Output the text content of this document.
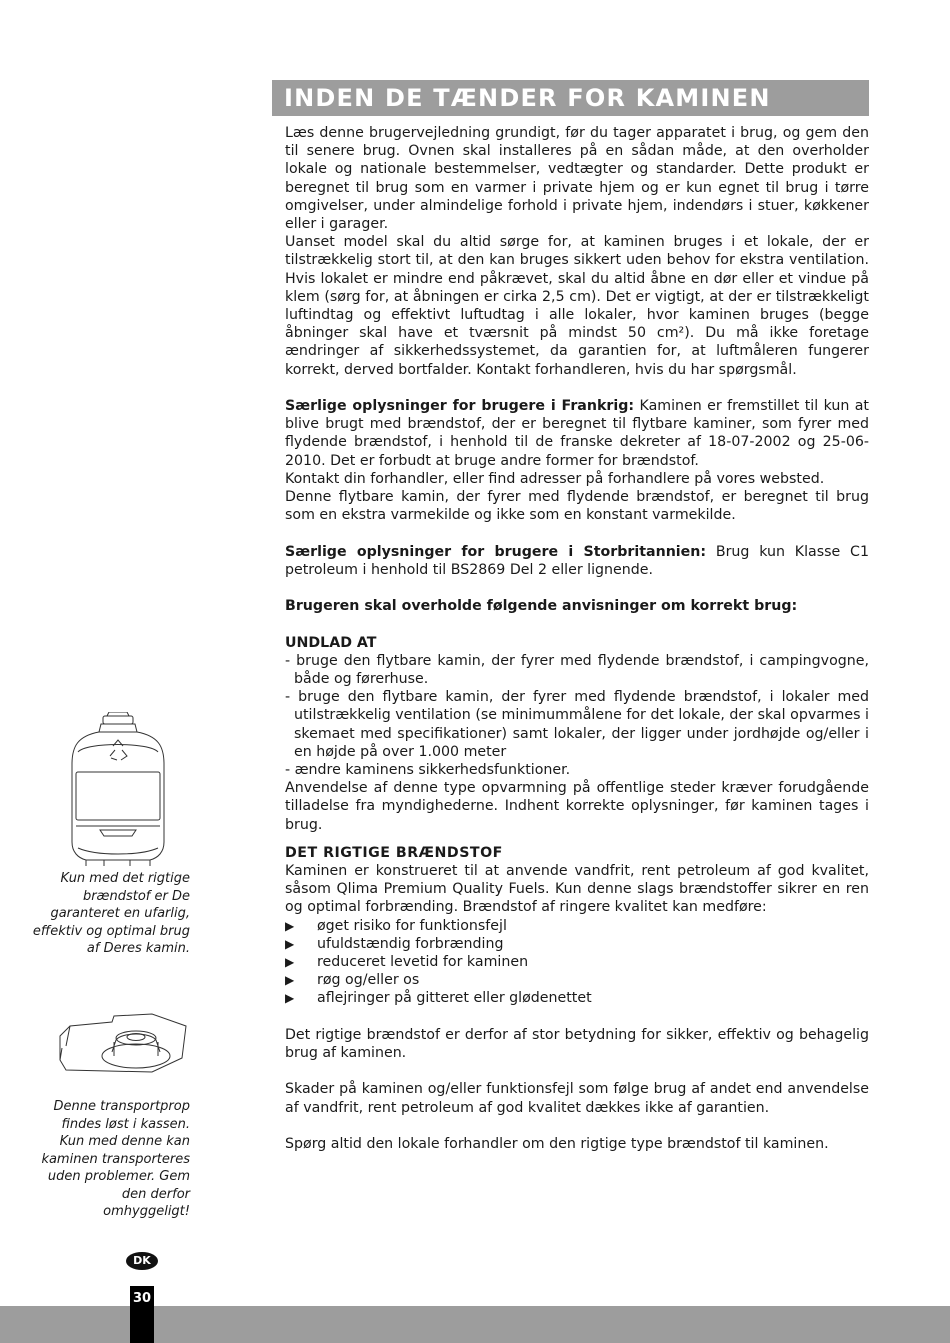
INDEN DE TÆNDER FOR KAMINEN

Læs denne brugervejledning grundigt, før du tager apparatet i brug, og gem den til senere brug. Ovnen skal installeres på en sådan måde, at den overholder lokale og nationale bestemmelser, vedtægter og standarder. Dette produkt er beregnet til brug som en varmer i private hjem og er kun egnet til brug i tørre omgivelser, under almindelige forhold i private hjem, indendørs i stuer, køkkener eller i garager.

Uanset model skal du altid sørge for, at kaminen bruges i et lokale, der er tilstrækkelig stort til, at den kan bruges sikkert uden behov for ekstra ventilation. Hvis lokalet er mindre end påkrævet, skal du altid åbne en dør eller et vindue på klem (sørg for, at åbningen er cirka 2,5 cm). Det er vigtigt, at der er tilstrækkeligt luftindtag og effektivt luftudtag i alle lokaler, hvor kaminen bruges (begge åbninger skal have et tværsnit på mindst 50 cm²). Du må ikke foretage ændringer af sikkerhedssystemet, da garantien for, at luftmåleren fungerer korrekt, derved bortfalder. Kontakt forhandleren, hvis du har spørgsmål.

Særlige oplysninger for brugere i Frankrig: Kaminen er fremstillet til kun at blive brugt med brændstof, der er beregnet til flytbare kaminer, som fyrer med flydende brændstof, i henhold til de franske dekreter af 18-07-2002 og 25-06-2010. Det er forbudt at bruge andre former for brændstof.

Kontakt din forhandler, eller find adresser på forhandlere på vores websted.

Denne flytbare kamin, der fyrer med flydende brændstof, er beregnet til brug som en ekstra varmekilde og ikke som en konstant varmekilde.

Særlige oplysninger for brugere i Storbritannien: Brug kun Klasse C1 petroleum i henhold til BS2869 Del 2 eller lignende.

Brugeren skal overholde følgende anvisninger om korrekt brug:

UNDLAD AT

- bruge den flytbare kamin, der fyrer med flydende brændstof, i campingvogne, både og førerhuse.

- bruge den flytbare kamin, der fyrer med flydende brændstof, i lokaler med utilstrækkelig ventilation (se minimummålene for det lokale, der skal opvarmes i skemaet med specifikationer) samt lokaler, der ligger under jordhøjde og/eller i en højde på over 1.000 meter

- ændre kaminens sikkerhedsfunktioner.

Anvendelse af denne type opvarmning på offentlige steder kræver forudgående tilladelse fra myndighederne. Indhent korrekte oplysninger, før kaminen tages i brug.

DET RIGTIGE BRÆNDSTOF

Kaminen er konstrueret til at anvende vandfrit, rent petroleum af god kvalitet, såsom Qlima Premium Quality Fuels. Kun denne slags brændstoffer sikrer en ren og optimal forbrænding. Brændstof af ringere kvalitet kan medføre:

▶	øget risiko for funktionsfejl
▶	ufuldstændig forbrænding
▶	reduceret levetid for kaminen
▶	røg og/eller os
▶	aflejringer på gitteret eller glødenettet

Det rigtige brændstof er derfor af stor betydning for sikker, effektiv og behagelig brug af kaminen.

Skader på kaminen og/eller funktionsfejl som følge brug af andet end anvendelse af vandfrit, rent petroleum af god kvalitet dækkes ikke af garantien.

Spørg altid den lokale forhandler om den rigtige type brændstof til kaminen.

Kun med det rigtige brændstof er De garanteret en ufarlig, effektiv og optimal brug af Deres kamin.
Denne transportprop findes løst i kassen. Kun med denne kan kaminen transporteres uden problemer. Gem den derfor omhyggeligt!
DK
30
